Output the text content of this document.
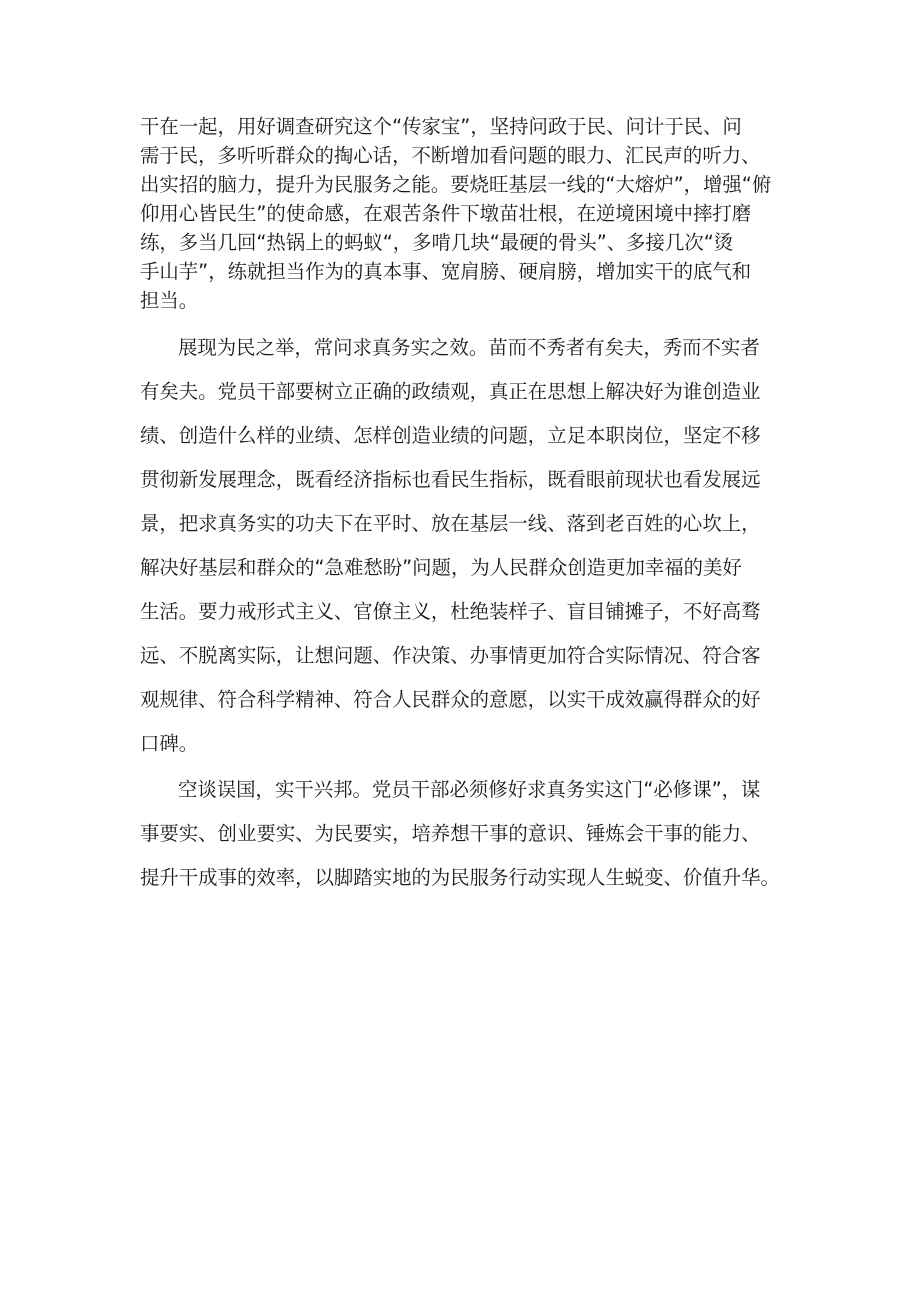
干在一起，用好调查研究这个“传家宝”，坚持问政于民、问计于民、问
需于民，多听听群众的掏心话，不断增加看问题的眼力、汇民声的听力、
出实招的脑力，提升为民服务之能。要烧旺基层一线的“大熔炉”，增强“俯
仰用心皆民生”的使命感，在艰苦条件下墩苗壮根，在逆境困境中摔打磨
练，多当几回“热锅上的蚂蚁“，多啃几块“最硬的骨头”、多接几次“烫
手山芋”，练就担当作为的真本事、宽肩膀、硬肩膀，增加实干的底气和
担当。
展现为民之举，常问求真务实之效。苗而不秀者有矣夫，秀而不实者
有矣夫。党员干部要树立正确的政绩观，真正在思想上解决好为谁创造业
绩、创造什么样的业绩、怎样创造业绩的问题，立足本职岗位，坚定不移
贯彻新发展理念，既看经济指标也看民生指标，既看眼前现状也看发展远
景，把求真务实的功夫下在平时、放在基层一线、落到老百姓的心坎上，
解决好基层和群众的“急难愁盼”问题，为人民群众创造更加幸福的美好
生活。要力戒形式主义、官僚主义，杜绝装样子、盲目铺摊子，不好高骛
远、不脱离实际，让想问题、作决策、办事情更加符合实际情况、符合客
观规律、符合科学精神、符合人民群众的意愿，以实干成效赢得群众的好
口碑。
空谈误国，实干兴邦。党员干部必须修好求真务实这门“必修课”，谋
事要实、创业要实、为民要实，培养想干事的意识、锤炼会干事的能力、
提升干成事的效率，以脚踏实地的为民服务行动实现人生蜕变、价值升华。
